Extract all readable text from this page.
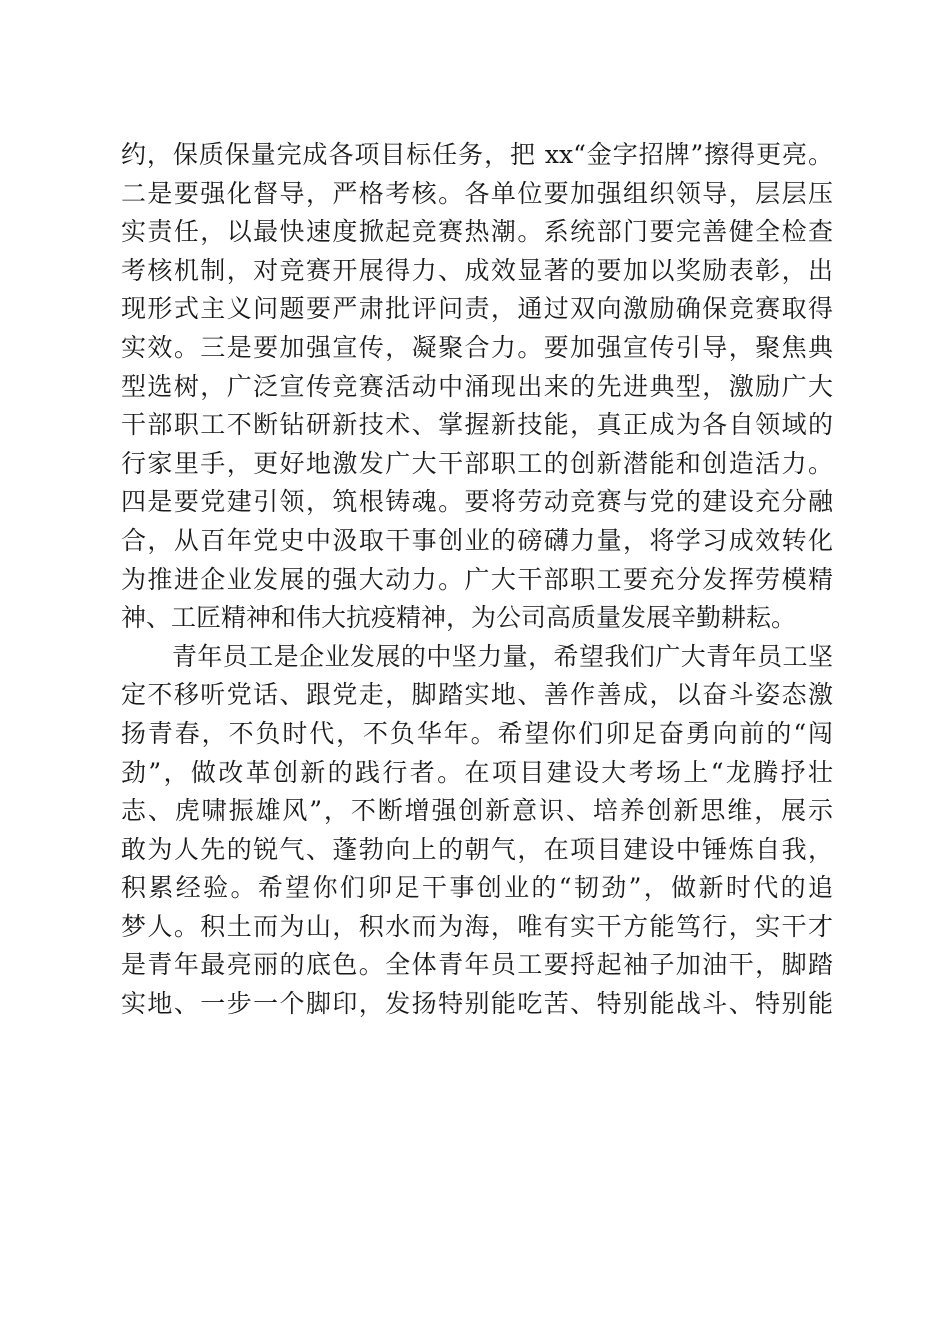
约，保质保量完成各项目标任务，把 xx“金字招牌”擦得更亮。
二是要强化督导，严格考核。各单位要加强组织领导，层层压
实责任，以最快速度掀起竞赛热潮。系统部门要完善健全检查
考核机制，对竞赛开展得力、成效显著的要加以奖励表彰，出
现形式主义问题要严肃批评问责，通过双向激励确保竞赛取得
实效。三是要加强宣传，凝聚合力。要加强宣传引导，聚焦典
型选树，广泛宣传竞赛活动中涌现出来的先进典型，激励广大
干部职工不断钻研新技术、掌握新技能，真正成为各自领域的
行家里手，更好地激发广大干部职工的创新潜能和创造活力。
四是要党建引领，筑根铸魂。要将劳动竞赛与党的建设充分融
合，从百年党史中汲取干事创业的磅礴力量，将学习成效转化
为推进企业发展的强大动力。广大干部职工要充分发挥劳模精
神、工匠精神和伟大抗疫精神，为公司高质量发展辛勤耕耘。
　　青年员工是企业发展的中坚力量，希望我们广大青年员工坚
定不移听党话、跟党走，脚踏实地、善作善成，以奋斗姿态激
扬青春，不负时代，不负华年。希望你们卯足奋勇向前的“闯
劲”，做改革创新的践行者。在项目建设大考场上“龙腾抒壮
志、虎啸振雄风”，不断增强创新意识、培养创新思维，展示
敢为人先的锐气、蓬勃向上的朝气，在项目建设中锤炼自我，
积累经验。希望你们卯足干事创业的“韧劲”，做新时代的追
梦人。积土而为山，积水而为海，唯有实干方能笃行，实干才
是青年最亮丽的底色。全体青年员工要捋起袖子加油干，脚踏
实地、一步一个脚印，发扬特别能吃苦、特别能战斗、特别能
